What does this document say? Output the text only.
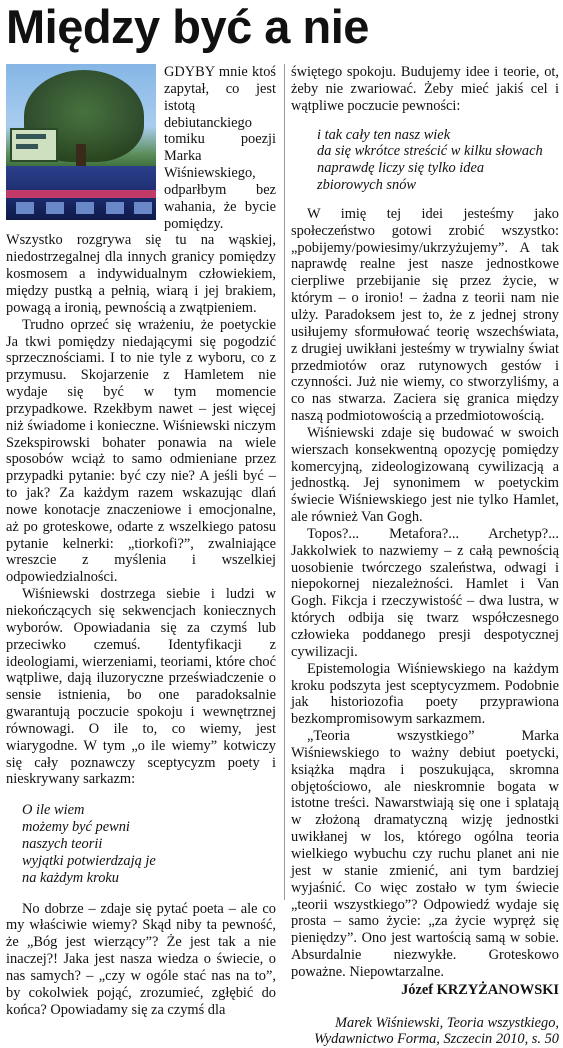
Między być a nie

GDYBY mnie ktoś zapytał, co jest istotą debiutanckiego tomiku poezji Marka Wiśniewskiego, odparłbym bez wahania, że bycie pomiędzy. Wszystko rozgrywa się tu na wąskiej, niedostrzegalnej dla innych granicy pomiędzy kosmosem a indywidualnym człowiekiem, między pustką a pełnią, wiarą i jej brakiem, powagą a ironią, pewnością a zwątpieniem.

Trudno oprzeć się wrażeniu, że poetyckie Ja tkwi pomiędzy niedającymi się pogodzić sprzecznościami. I to nie tyle z wyboru, co z przymusu. Skojarzenie z Hamletem nie wydaje się być w tym momencie przypadkowe. Rzekłbym nawet – jest więcej niż świadome i konieczne. Wiśniewski niczym Szekspirowski bohater ponawia na wiele sposobów wciąż to samo odmieniane przez przypadki pytanie: być czy nie? A jeśli być – to jak? Za każdym razem wskazując dlań nowe konotacje znaczeniowe i emocjonalne, aż po groteskowe, odarte z wszelkiego patosu pytanie kelnerki: „tiorkofi?”, zwalniające wreszcie z myślenia i wszelkiej odpowiedzialności.

Wiśniewski dostrzega siebie i ludzi w niekończących się sekwencjach koniecznych wyborów. Opowiadania się za czymś lub przeciwko czemuś. Identyfikacji z ideologiami, wierzeniami, teoriami, które choć wątpliwe, dają iluzoryczne przeświadczenie o sensie istnienia, bo one paradoksalnie gwarantują poczucie spokoju i wewnętrznej równowagi. O ile to, co wiemy, jest wiarygodne. W tym „o ile wiemy” kotwiczy się cały poznawczy sceptycyzm poety i nieskrywany sarkazm:

O ile wiem
możemy być pewni
naszych teorii
wyjątki potwierdzają je
na każdym kroku

No dobrze – zdaje się pytać poeta – ale co my właściwie wiemy? Skąd niby ta pewność, że „Bóg jest wierzący”? Że jest tak a nie inaczej?! Jaka jest nasza wiedza o świecie, o nas samych? – „czy w ogóle stać nas na to”, by cokolwiek pojąć, zrozumieć, zgłębić do końca? Opowiadamy się za czymś dla

świętego spokoju. Budujemy idee i teorie, ot, żeby nie zwariować. Żeby mieć jakiś cel i wątpliwe poczucie pewności:

i tak cały ten nasz wiek
da się wkrótce streścić w kilku słowach
naprawdę liczy się tylko idea
zbiorowych snów

W imię tej idei jesteśmy jako społeczeństwo gotowi zrobić wszystko: „pobijemy/powiesimy/ukrzyżujemy”. A tak naprawdę realne jest nasze jednostkowe cierpliwe przebijanie się przez życie, w którym – o ironio! – żadna z teorii nam nie ulży. Paradoksem jest to, że z jednej strony usiłujemy sformułować teorię wszechświata, z drugiej uwikłani jesteśmy w trywialny świat przedmiotów oraz rutynowych gestów i czynności. Już nie wiemy, co stworzyliśmy, a co nas stwarza. Zaciera się granica między naszą podmiotowością a przedmiotowością.

Wiśniewski zdaje się budować w swoich wierszach konsekwentną opozycję pomiędzy komercyjną, zideologizowaną cywilizacją a jednostką. Jej synonimem w poetyckim świecie Wiśniewskiego jest nie tylko Hamlet, ale również Van Gogh.

Topos?... Metafora?... Archetyp?... Jakkolwiek to nazwiemy – z całą pewnością uosobienie twórczego szaleństwa, odwagi i niepokornej niezależności. Hamlet i Van Gogh. Fikcja i rzeczywistość – dwa lustra, w których odbija się twarz współczesnego człowieka poddanego presji despotycznej cywilizacji.

Epistemologia Wiśniewskiego na każdym kroku podszyta jest sceptycyzmem. Podobnie jak historiozofia poety przyprawiona bezkompromisowym sarkazmem.

„Teoria wszystkiego” Marka Wiśniewskiego to ważny debiut poetycki, książka mądra i poszukująca, skromna objętościowo, ale nieskromnie bogata w istotne treści. Nawarstwiają się one i splatają w złożoną dramatyczną wizję jednostki uwikłanej w los, którego ogólna teoria wielkiego wybuchu czy ruchu planet ani nie jest w stanie zmienić, ani tym bardziej wyjaśnić. Co więc zostało w tym świecie „teorii wszystkiego”? Odpowiedź wydaje się prosta – samo życie: „za życie wypręż się pieniędzy”. Ono jest wartością samą w sobie. Absurdalnie niezwykłe. Groteskowo poważne. Niepowtarzalne.

Józef KRZYŻANOWSKI
Marek Wiśniewski, Teoria wszystkiego,
Wydawnictwo Forma, Szczecin 2010, s. 50
